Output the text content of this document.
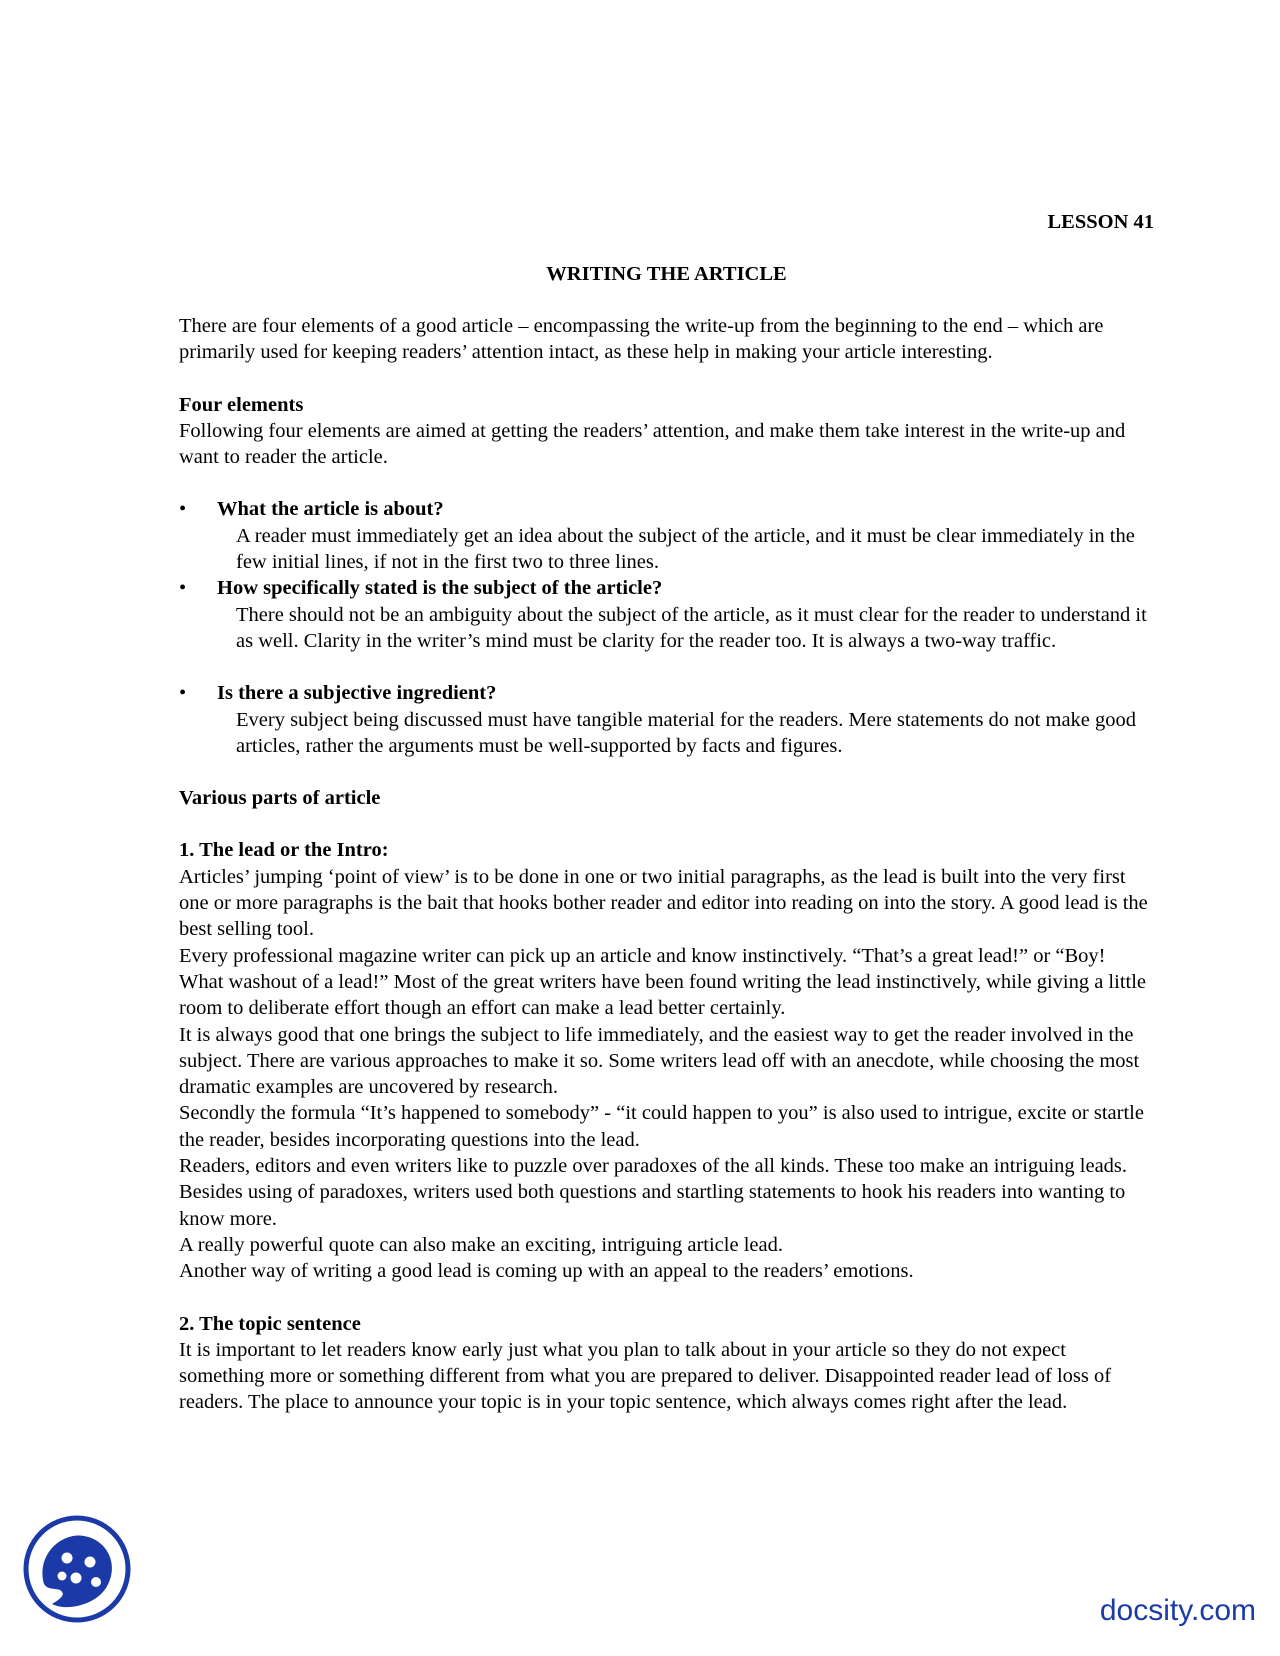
LESSON 41
WRITING THE ARTICLE

There are four elements of a good article – encompassing the write-up from the beginning to the end – which are primarily used for keeping readers’ attention intact, as these help in making your article interesting.

Four elements

Following four elements are aimed at getting the readers’ attention, and make them take interest in the write-up and want to reader the article.

• What the article is about?

A reader must immediately get an idea about the subject of the article, and it must be clear immediately in the few initial lines, if not in the first two to three lines.

• How specifically stated is the subject of the article?

There should not be an ambiguity about the subject of the article, as it must clear for the reader to understand it as well. Clarity in the writer’s mind must be clarity for the reader too. It is always a two-way traffic.

• Is there a subjective ingredient?

Every subject being discussed must have tangible material for the readers. Mere statements do not make good articles, rather the arguments must be well-supported by facts and figures.

Various parts of article

1. The lead or the Intro:

Articles’ jumping ‘point of view’ is to be done in one or two initial paragraphs, as the lead is built into the very first one or more paragraphs is the bait that hooks bother reader and editor into reading on into the story. A good lead is the best selling tool.

Every professional magazine writer can pick up an article and know instinctively. “That’s a great lead!” or “Boy! What washout of a lead!” Most of the great writers have been found writing the lead instinctively, while giving a little room to deliberate effort though an effort can make a lead better certainly.

It is always good that one brings the subject to life immediately, and the easiest way to get the reader involved in the subject. There are various approaches to make it so. Some writers lead off with an anecdote, while choosing the most dramatic examples are uncovered by research.

Secondly the formula “It’s happened to somebody” - “it could happen to you” is also used to intrigue, excite or startle the reader, besides incorporating questions into the lead.

Readers, editors and even writers like to puzzle over paradoxes of the all kinds. These too make an intriguing leads. Besides using of paradoxes, writers used both questions and startling statements to hook his readers into wanting to know more.

A really powerful quote can also make an exciting, intriguing article lead.

Another way of writing a good lead is coming up with an appeal to the readers’ emotions.

2. The topic sentence

It is important to let readers know early just what you plan to talk about in your article so they do not expect something more or something different from what you are prepared to deliver. Disappointed reader lead of loss of readers. The place to announce your topic is in your topic sentence, which always comes right after the lead.

docsity.com
